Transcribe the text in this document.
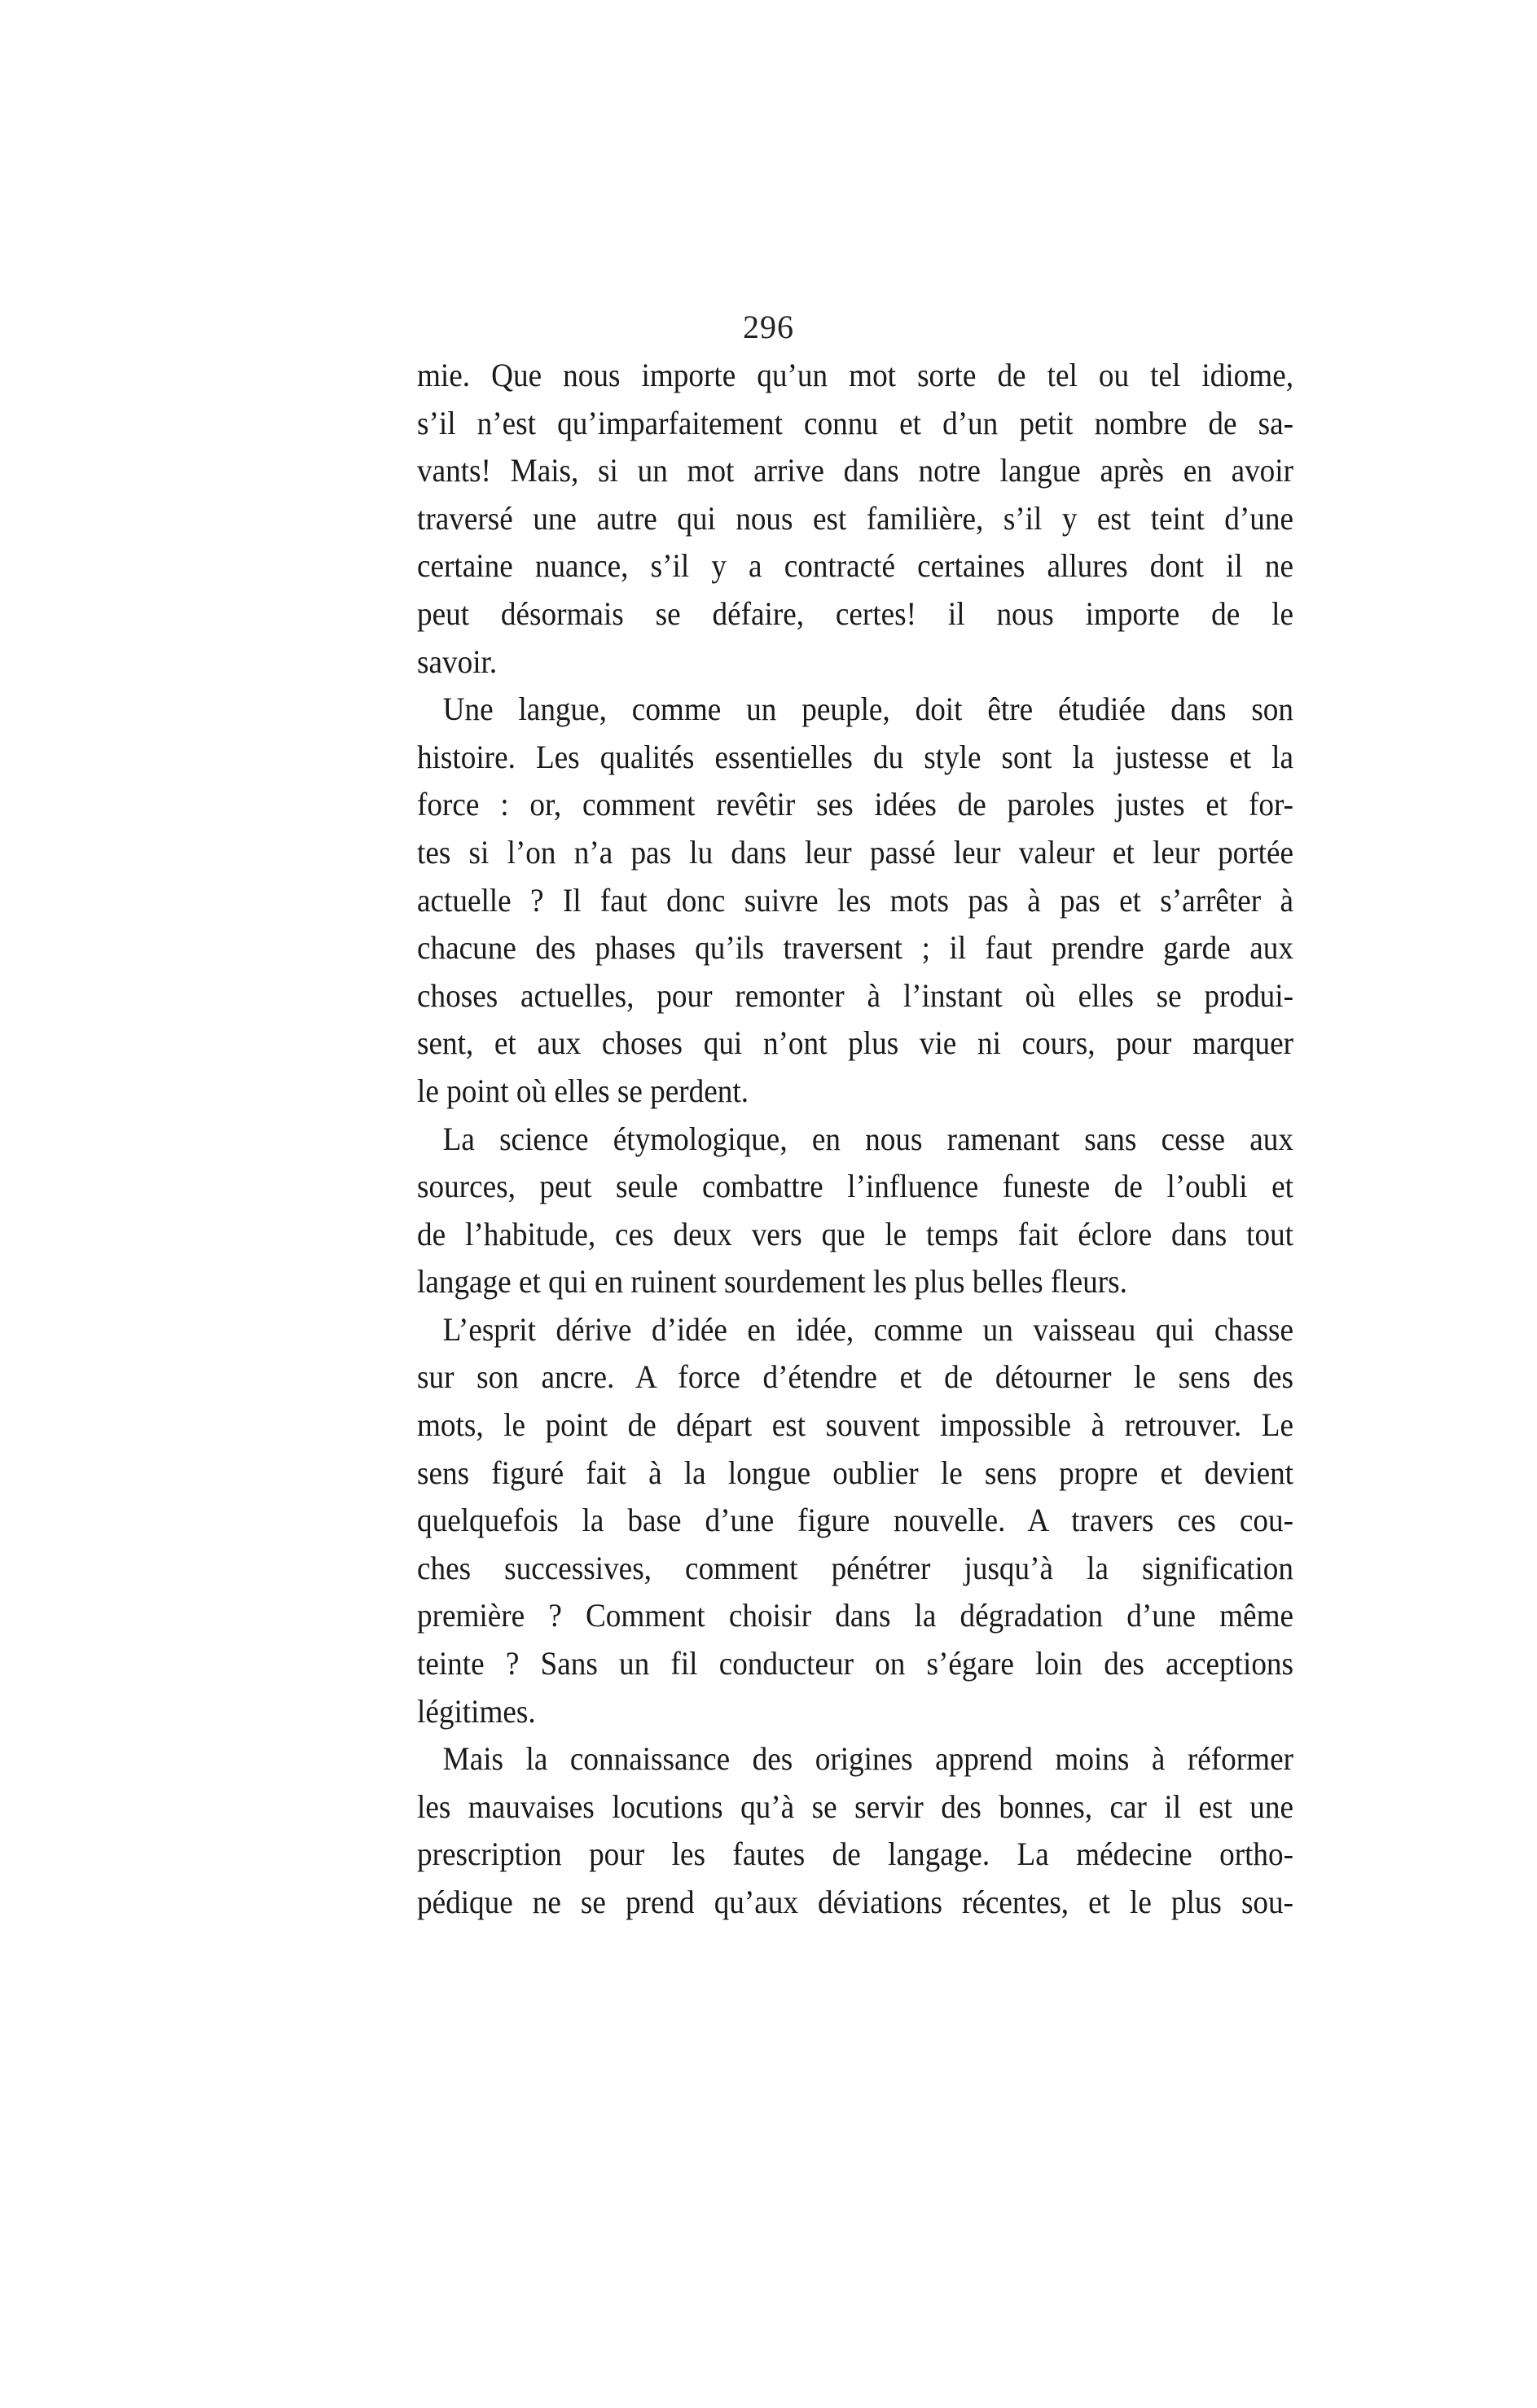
296
mie. Que nous importe qu’un mot sorte de tel ou tel idiome,
s’il n’est qu’imparfaitement connu et d’un petit nombre de sa-
vants! Mais, si un mot arrive dans notre langue après en avoir
traversé une autre qui nous est familière, s’il y est teint d’une
certaine nuance, s’il y a contracté certaines allures dont il ne
peut désormais se défaire, certes! il nous importe de le
savoir.
Une langue, comme un peuple, doit être étudiée dans son
histoire. Les qualités essentielles du style sont la justesse et la
force : or, comment revêtir ses idées de paroles justes et for-
tes si l’on n’a pas lu dans leur passé leur valeur et leur portée
actuelle ? Il faut donc suivre les mots pas à pas et s’arrêter à
chacune des phases qu’ils traversent ; il faut prendre garde aux
choses actuelles, pour remonter à l’instant où elles se produi-
sent, et aux choses qui n’ont plus vie ni cours, pour marquer
le point où elles se perdent.
La science étymologique, en nous ramenant sans cesse aux
sources, peut seule combattre l’influence funeste de l’oubli et
de l’habitude, ces deux vers que le temps fait éclore dans tout
langage et qui en ruinent sourdement les plus belles fleurs.
L’esprit dérive d’idée en idée, comme un vaisseau qui chasse
sur son ancre. A force d’étendre et de détourner le sens des
mots, le point de départ est souvent impossible à retrouver. Le
sens figuré fait à la longue oublier le sens propre et devient
quelquefois la base d’une figure nouvelle. A travers ces cou-
ches successives, comment pénétrer jusqu’à la signification
première ? Comment choisir dans la dégradation d’une même
teinte ? Sans un fil conducteur on s’égare loin des acceptions
légitimes.
Mais la connaissance des origines apprend moins à réformer
les mauvaises locutions qu’à se servir des bonnes, car il est une
prescription pour les fautes de langage. La médecine ortho-
pédique ne se prend qu’aux déviations récentes, et le plus sou-
